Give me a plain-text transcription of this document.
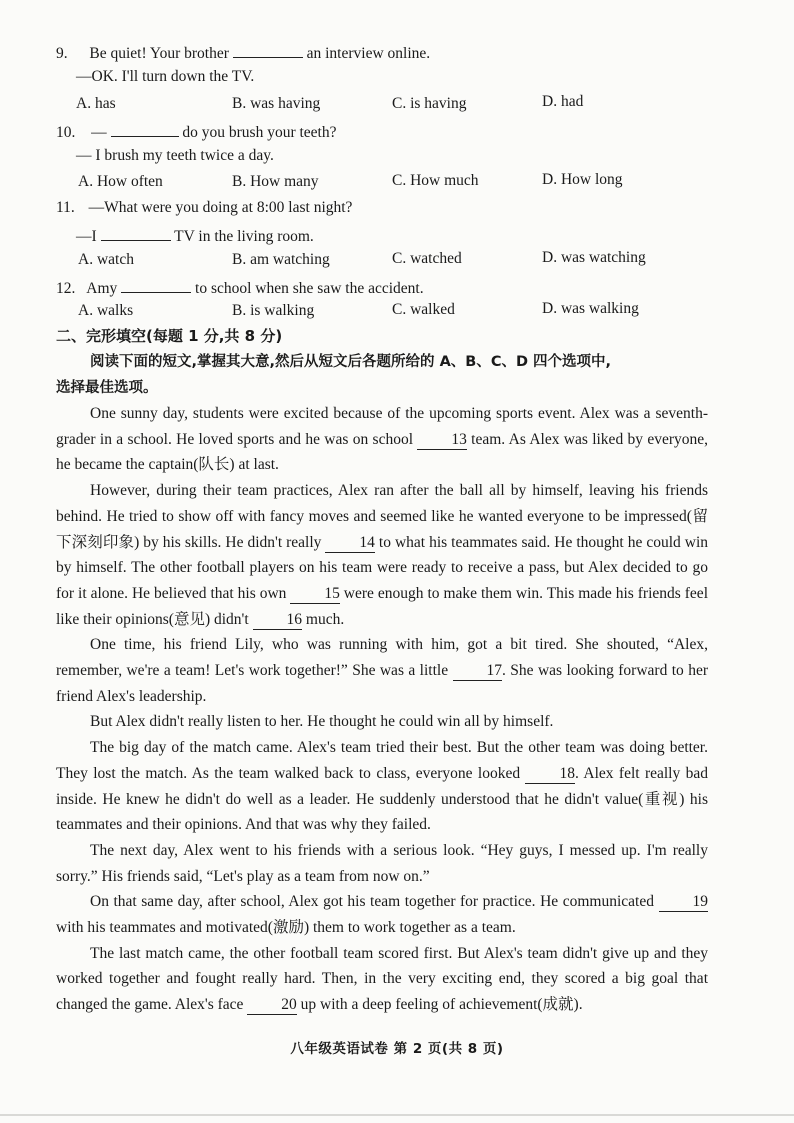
9. Be quiet! Your brother	an interview online.
—OK. I'll turn down the TV.
A. has	B. was having	C. is having	D. had
10. —	do you brush your teeth?
— I brush my teeth twice a day.
A. How often	B. How many	C. How much	D. How long
11. —What were you doing at 8:00 last night?
—I	TV in the living room.
A. watch	B. am watching	C. watched	D. was watching
12. Amy	to school when she saw the accident.
A. walks	B. is walking	C. walked	D. was walking
二、完形填空(每题 1 分,共 8 分)
阅读下面的短文,掌握其大意,然后从短文后各题所给的 A、B、C、D 四个选项中,
选择最佳选项。

One sunny day, students were excited because of the upcoming sports event. Alex was a seventh-grader in a school. He loved sports and he was on school 13 team. As Alex was liked by everyone, he became the captain(队长) at last.

However, during their team practices, Alex ran after the ball all by himself, leaving his friends behind. He tried to show off with fancy moves and seemed like he wanted everyone to be impressed(留下深刻印象) by his skills. He didn't really 14 to what his teammates said. He thought he could win by himself. The other football players on his team were ready to receive a pass, but Alex decided to go for it alone. He believed that his own 15 were enough to make them win. This made his friends feel like their opinions(意见) didn't 16 much.

One time, his friend Lily, who was running with him, got a bit tired. She shouted, “Alex, remember, we're a team! Let's work together!” She was a little 17. She was looking forward to her friend Alex's leadership.

But Alex didn't really listen to her. He thought he could win all by himself.

The big day of the match came. Alex's team tried their best. But the other team was doing better. They lost the match. As the team walked back to class, everyone looked	18. Alex felt really bad inside. He knew he didn't do well as a leader. He suddenly understood that he didn't value(重视) his teammates and their opinions. And that was why they failed.

The next day, Alex went to his friends with a serious look. “Hey guys, I messed up. I'm really sorry.” His friends said, “Let's play as a team from now on.”

On that same day, after school, Alex got his team together for practice. He communicated 19 with his teammates and motivated(激励) them to work together as a team.

The last match came, the other football team scored first. But Alex's team didn't give up and they worked together and fought really hard. Then, in the very exciting end, they scored a big goal that changed the game. Alex's face 20 up with a deep feeling of achievement(成就).

八年级英语试卷 第 2 页(共 8 页)
